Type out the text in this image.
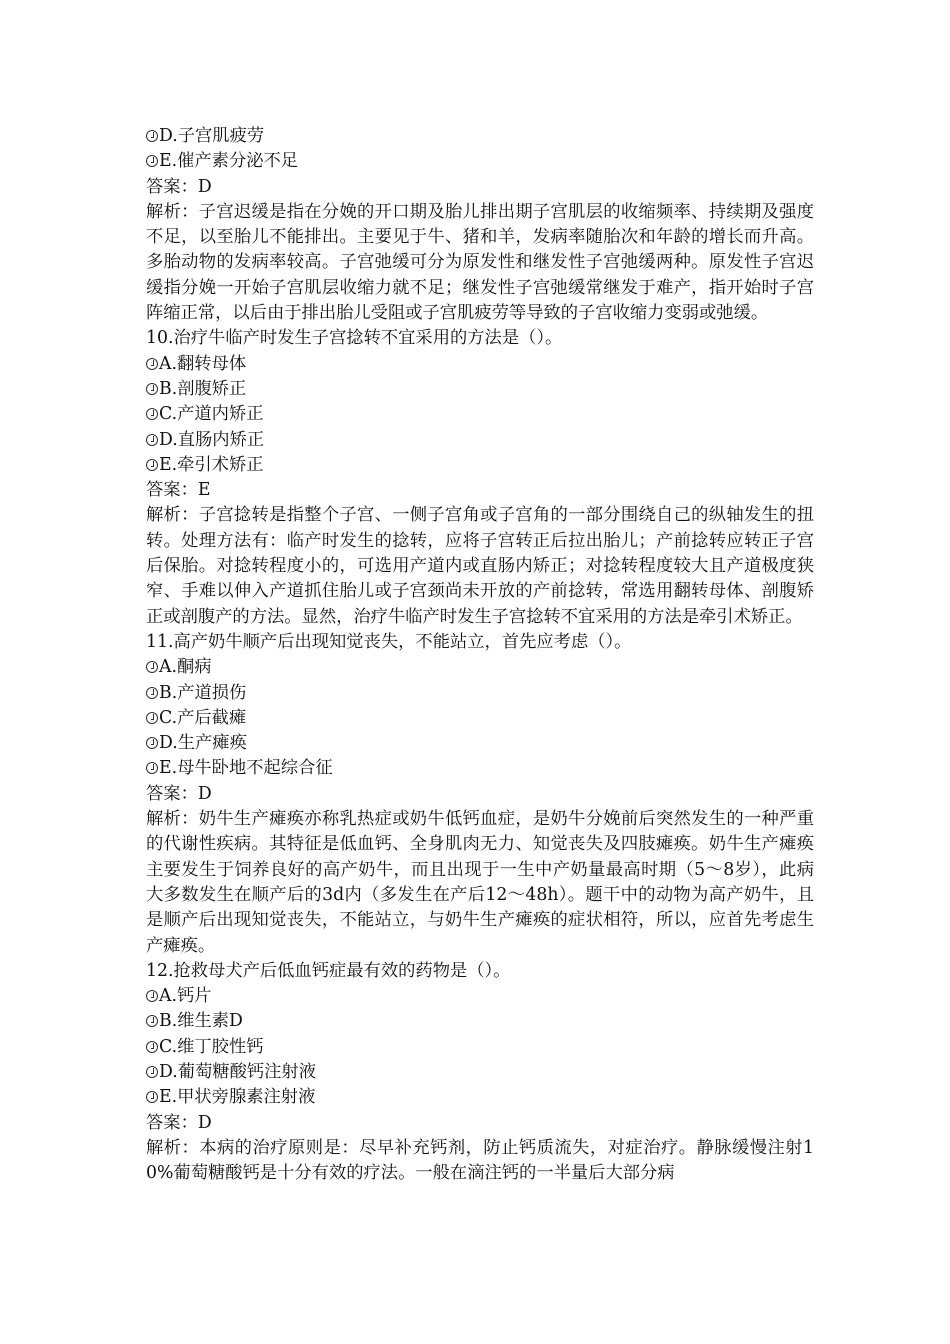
D.子宫肌疲劳
E.催产素分泌不足
答案：D
解析：子宫迟缓是指在分娩的开口期及胎儿排出期子宫肌层的收缩频率、持续期及强度不足，以至胎儿不能排出。主要见于牛、猪和羊，发病率随胎次和年龄的增长而升高。多胎动物的发病率较高。子宫弛缓可分为原发性和继发性子宫弛缓两种。原发性子宫迟缓指分娩一开始子宫肌层收缩力就不足；继发性子宫弛缓常继发于难产，指开始时子宫阵缩正常，以后由于排出胎儿受阻或子宫肌疲劳等导致的子宫收缩力变弱或弛缓。
10.治疗牛临产时发生子宫捻转不宜采用的方法是（）。
A.翻转母体
B.剖腹矫正
C.产道内矫正
D.直肠内矫正
E.牵引术矫正
答案：E
解析：子宫捻转是指整个子宫、一侧子宫角或子宫角的一部分围绕自己的纵轴发生的扭转。处理方法有：临产时发生的捻转，应将子宫转正后拉出胎儿；产前捻转应转正子宫后保胎。对捻转程度小的，可选用产道内或直肠内矫正；对捻转程度较大且产道极度狭窄、手难以伸入产道抓住胎儿或子宫颈尚未开放的产前捻转，常选用翻转母体、剖腹矫正或剖腹产的方法。显然，治疗牛临产时发生子宫捻转不宜采用的方法是牵引术矫正。
11.高产奶牛顺产后出现知觉丧失，不能站立，首先应考虑（）。
A.酮病
B.产道损伤
C.产后截瘫
D.生产瘫痪
E.母牛卧地不起综合征
答案：D
解析：奶牛生产瘫痪亦称乳热症或奶牛低钙血症，是奶牛分娩前后突然发生的一种严重的代谢性疾病。其特征是低血钙、全身肌肉无力、知觉丧失及四肢瘫痪。奶牛生产瘫痪主要发生于饲养良好的高产奶牛，而且出现于一生中产奶量最高时期（5～8岁），此病大多数发生在顺产后的3d内（多发生在产后12～48h）。题干中的动物为高产奶牛，且是顺产后出现知觉丧失，不能站立，与奶牛生产瘫痪的症状相符，所以，应首先考虑生产瘫痪。
12.抢救母犬产后低血钙症最有效的药物是（）。
A.钙片
B.维生素D
C.维丁胶性钙
D.葡萄糖酸钙注射液
E.甲状旁腺素注射液
答案：D
解析：本病的治疗原则是：尽早补充钙剂，防止钙质流失，对症治疗。静脉缓慢注射10%葡萄糖酸钙是十分有效的疗法。一般在滴注钙的一半量后大部分病
